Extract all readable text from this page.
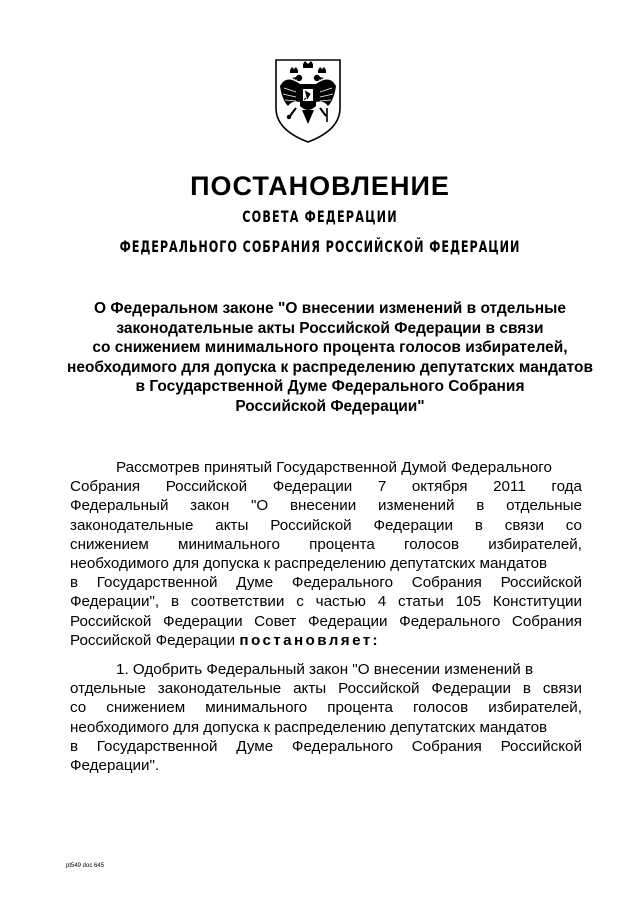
ПОСТАНОВЛЕНИЕ
СОВЕТА ФЕДЕРАЦИИ
ФЕДЕРАЛЬНОГО СОБРАНИЯ РОССИЙСКОЙ ФЕДЕРАЦИИ
О Федеральном законе "О внесении изменений в отдельные
законодательные акты Российской Федерации в связи
со снижением минимального процента голосов избирателей,
необходимого для допуска к распределению депутатских мандатов
в Государственной Думе Федерального Собрания
Российской Федерации"
Рассмотрев принятый Государственной Думой Федерального
Собрания Российской Федерации 7 октября 2011 года
Федеральный закон "О внесении изменений в отдельные
законодательные акты Российской Федерации в связи со
снижением минимального процента голосов избирателей,
необходимого для допуска к распределению депутатских мандатов
в Государственной Думе Федерального Собрания Российской
Федерации", в соответствии с частью 4 статьи 105 Конституции
Российской Федерации Совет Федерации Федерального Собрания
Российской Федерации постановляет:
1. Одобрить Федеральный закон "О внесении изменений в
отдельные законодательные акты Российской Федерации в связи
со снижением минимального процента голосов избирателей,
необходимого для допуска к распределению депутатских мандатов
в Государственной Думе Федерального Собрания Российской
Федерации".
pt549 doc 645
